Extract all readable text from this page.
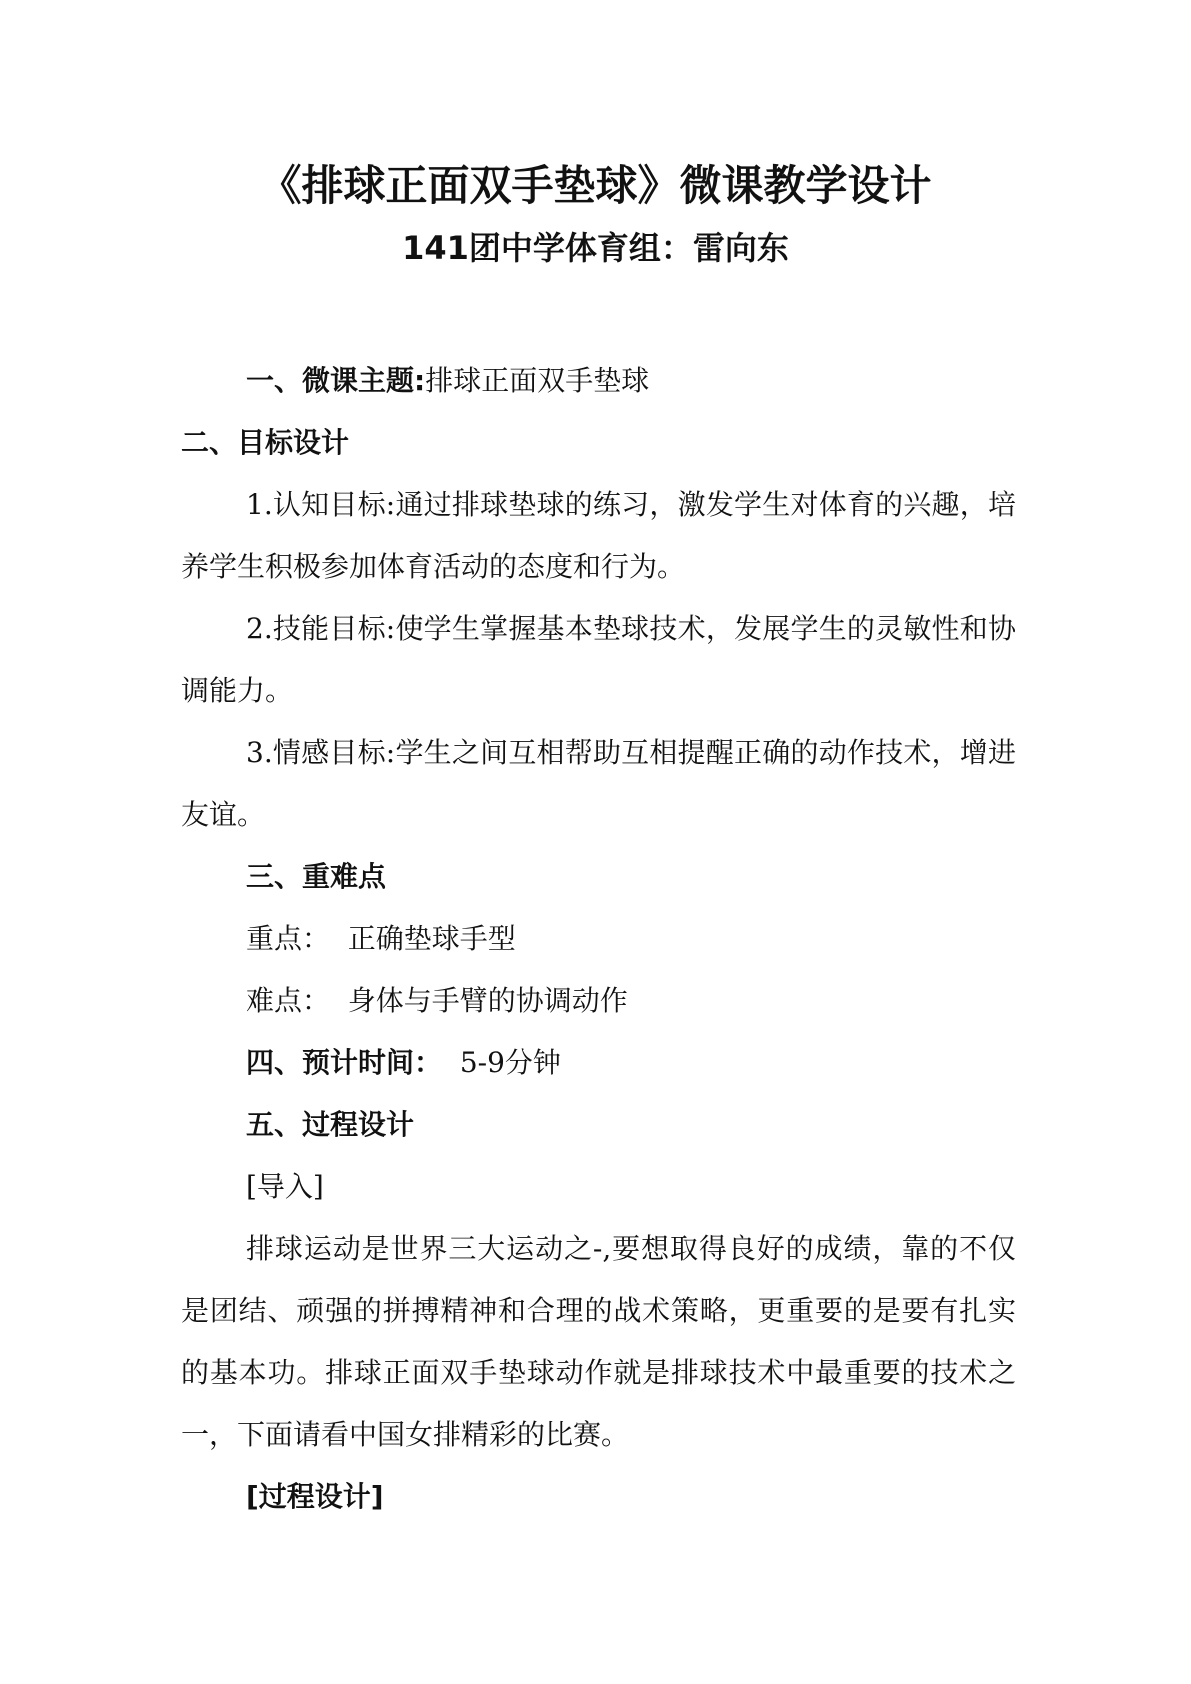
《排球正面双手垫球》微课教学设计
141团中学体育组：雷向东

一、微课主题:排球正面双手垫球

二、目标设计

1.认知目标:通过排球垫球的练习，激发学生对体育的兴趣，培养学生积极参加体育活动的态度和行为。

2.技能目标:使学生掌握基本垫球技术，发展学生的灵敏性和协调能力。

3.情感目标:学生之间互相帮助互相提醒正确的动作技术，增进友谊。

三、重难点

重点：  正确垫球手型

难点：  身体与手臂的协调动作

四、预计时间：  5-9分钟

五、过程设计

[导入]

排球运动是世界三大运动之-,要想取得良好的成绩，靠的不仅是团结、顽强的拼搏精神和合理的战术策略，更重要的是要有扎实的基本功。排球正面双手垫球动作就是排球技术中最重要的技术之一，下面请看中国女排精彩的比赛。

[过程设计]
